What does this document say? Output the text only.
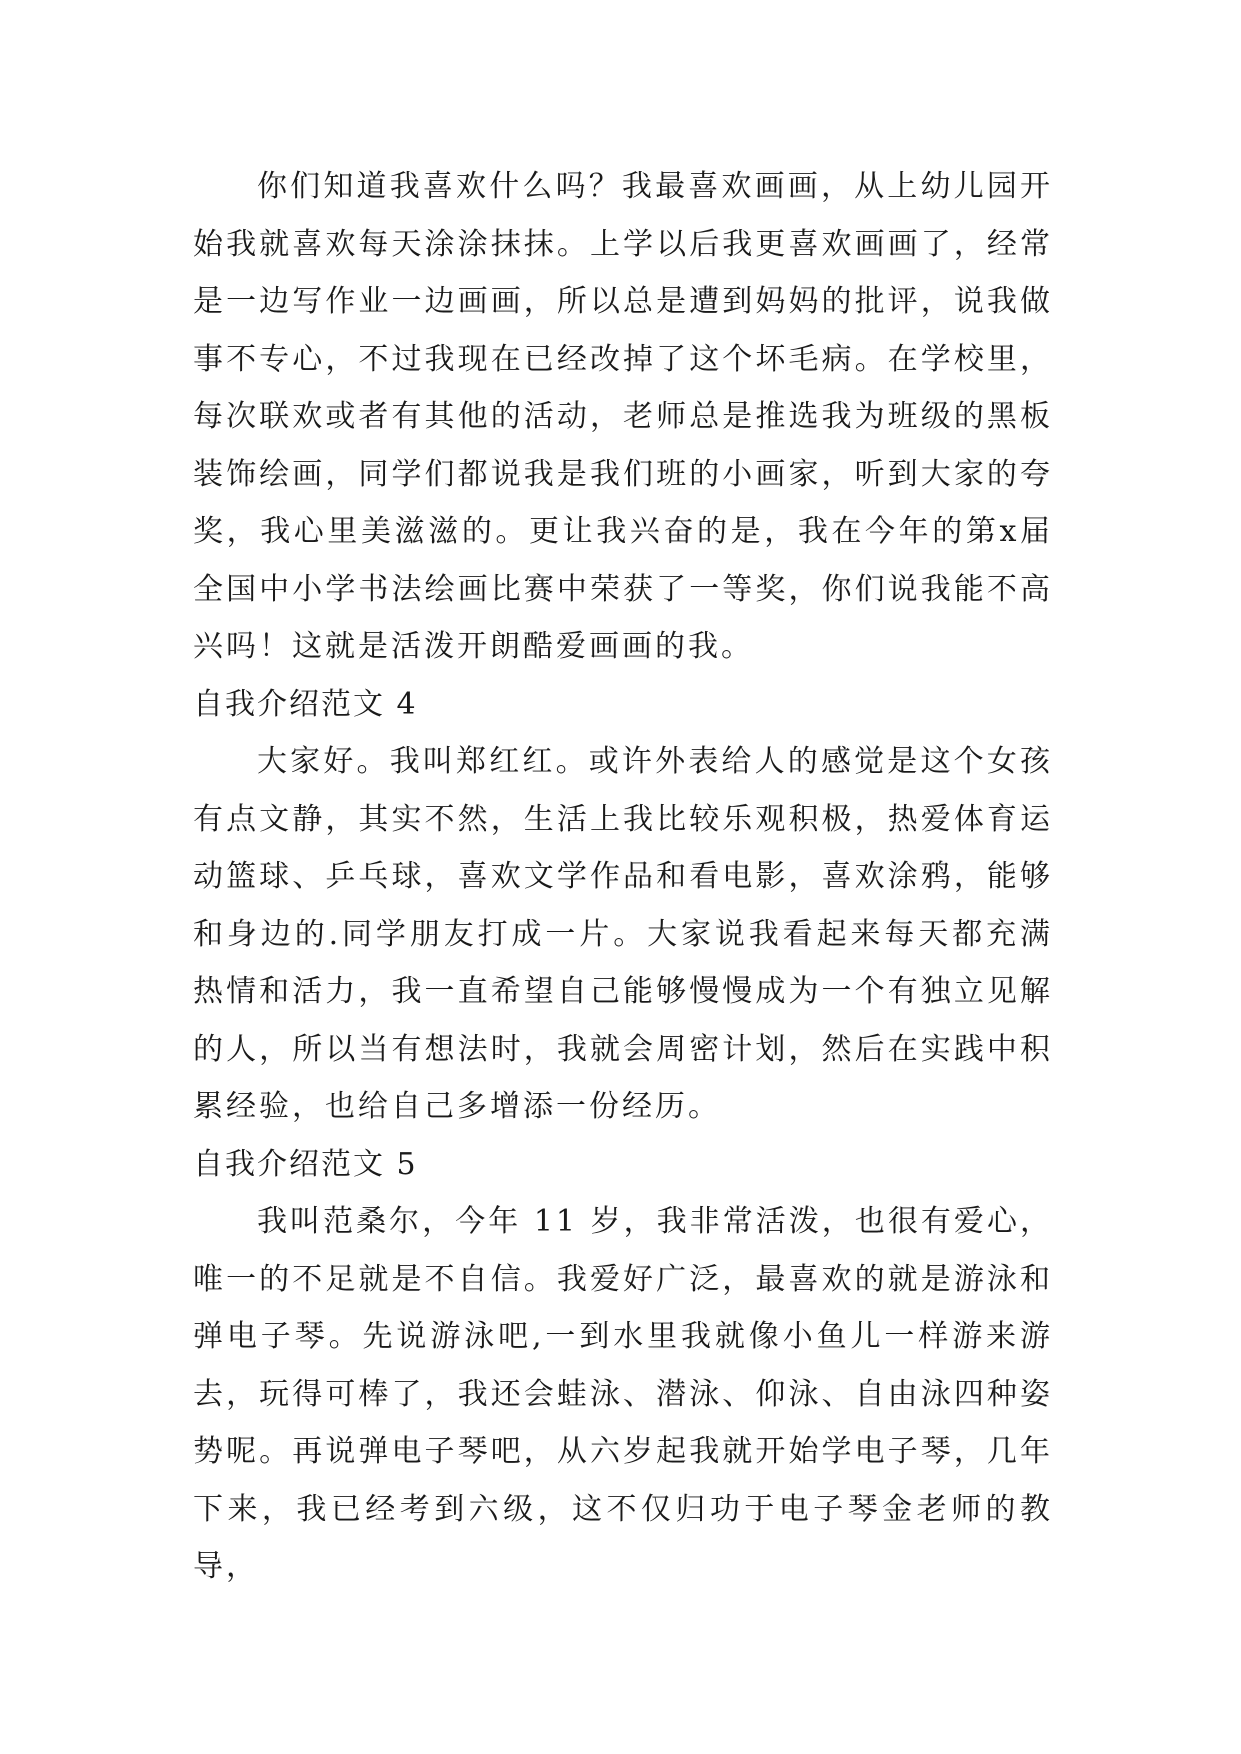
你们知道我喜欢什么吗？我最喜欢画画，从上幼儿园开始我就喜欢每天涂涂抹抹。上学以后我更喜欢画画了，经常是一边写作业一边画画，所以总是遭到妈妈的批评，说我做事不专心，不过我现在已经改掉了这个坏毛病。在学校里，每次联欢或者有其他的活动，老师总是推选我为班级的黑板装饰绘画，同学们都说我是我们班的小画家，听到大家的夸奖，我心里美滋滋的。更让我兴奋的是，我在今年的第x届全国中小学书法绘画比赛中荣获了一等奖，你们说我能不高兴吗！这就是活泼开朗酷爱画画的我。

自我介绍范文 4

大家好。我叫郑红红。或许外表给人的感觉是这个女孩有点文静，其实不然，生活上我比较乐观积极，热爱体育运动篮球、乒乓球，喜欢文学作品和看电影，喜欢涂鸦，能够和身边的.同学朋友打成一片。大家说我看起来每天都充满热情和活力，我一直希望自己能够慢慢成为一个有独立见解的人，所以当有想法时，我就会周密计划，然后在实践中积累经验，也给自己多增添一份经历。

自我介绍范文 5

我叫范桑尔，今年 11 岁，我非常活泼，也很有爱心，唯一的不足就是不自信。我爱好广泛，最喜欢的就是游泳和弹电子琴。先说游泳吧,一到水里我就像小鱼儿一样游来游去，玩得可棒了，我还会蛙泳、潜泳、仰泳、自由泳四种姿势呢。再说弹电子琴吧，从六岁起我就开始学电子琴，几年下来，我已经考到六级，这不仅归功于电子琴金老师的教导，
